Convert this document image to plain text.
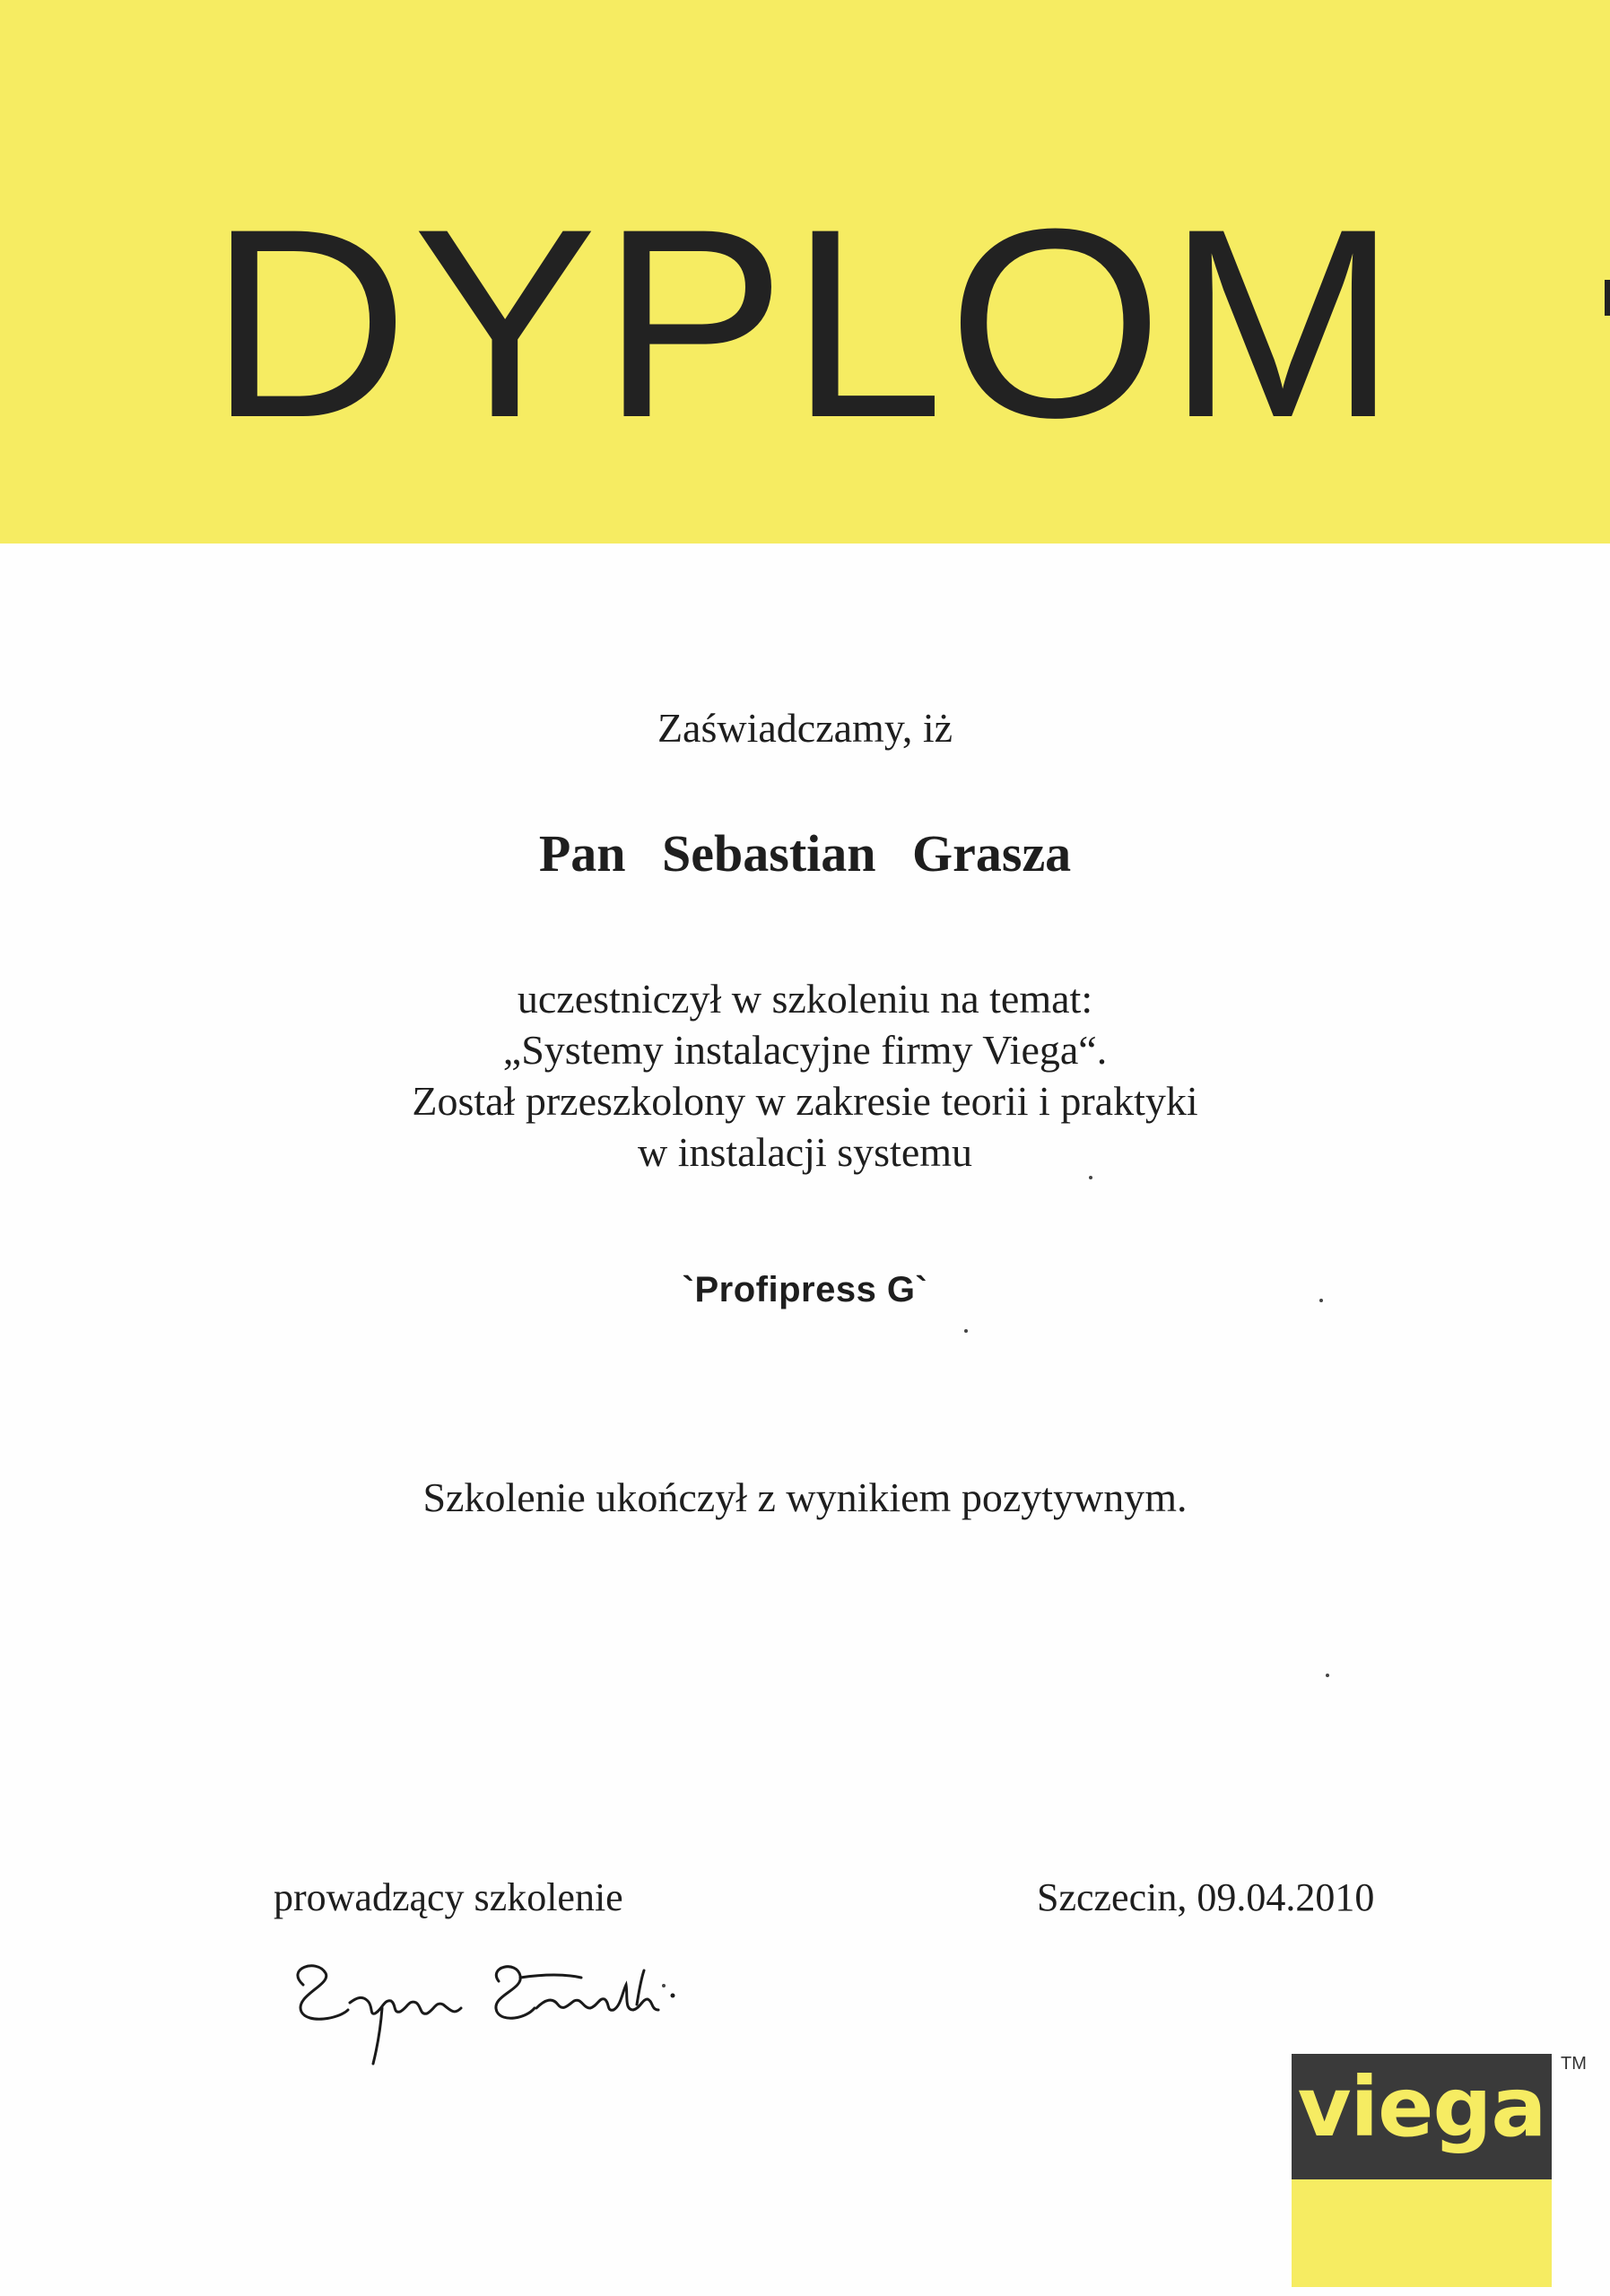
DYPLOM

Zaświadczamy, iż

Pan Sebastian Grasza

uczestniczył w szkoleniu na temat:
„Systemy instalacyjne firmy Viega“.
Został przeszkolony w zakresie teorii i praktyki
w instalacji systemu

`Profipress G`

Szkolenie ukończył z wynikiem pozytywnym.

prowadzący szkolenie	Szczecin, 09.04.2010
Szymon Sławiński
viega TM
